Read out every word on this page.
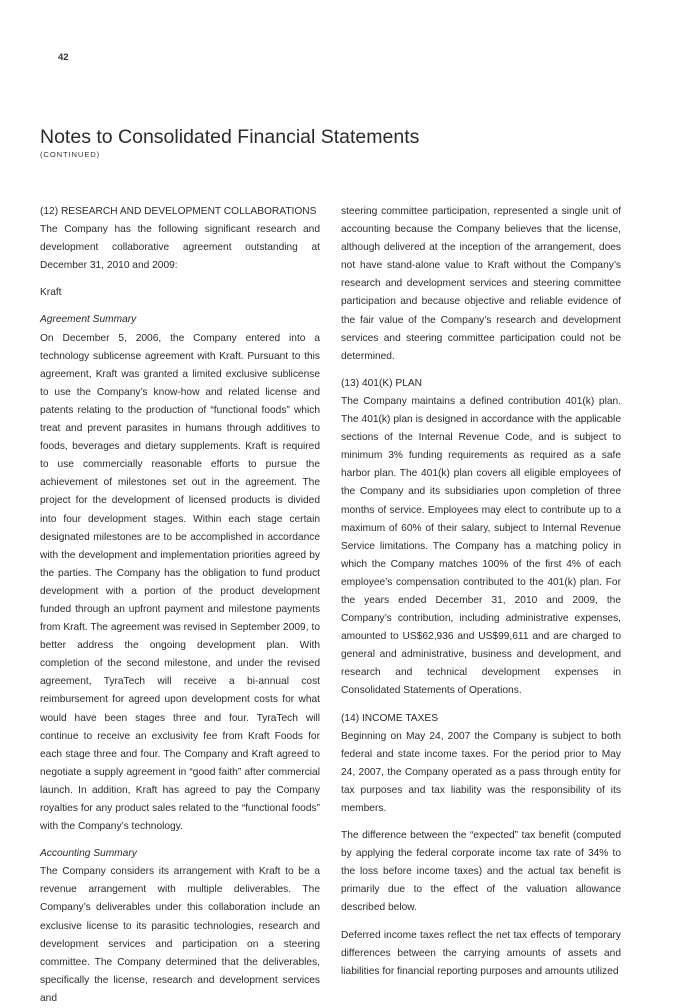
42
Notes to Consolidated Financial Statements
(CONTINUED)

(12) RESEARCH AND DEVELOPMENT COLLABORATIONS

The Company has the following significant research and development collaborative agreement outstanding at December 31, 2010 and 2009:

Kraft

Agreement Summary

On December 5, 2006, the Company entered into a technology sublicense agreement with Kraft. Pursuant to this agreement, Kraft was granted a limited exclusive sublicense to use the Company’s know-how and related license and patents relating to the production of “functional foods” which treat and prevent parasites in humans through additives to foods, beverages and dietary supplements. Kraft is required to use commercially reasonable efforts to pursue the achievement of milestones set out in the agreement. The project for the development of licensed products is divided into four development stages. Within each stage certain designated milestones are to be accomplished in accordance with the development and implementation priorities agreed by the parties. The Company has the obligation to fund product development with a portion of the product development funded through an upfront payment and milestone payments from Kraft. The agreement was revised in September 2009, to better address the ongoing development plan. With completion of the second milestone, and under the revised agreement, TyraTech will receive a bi-annual cost reimbursement for agreed upon development costs for what would have been stages three and four. TyraTech will continue to receive an exclusivity fee from Kraft Foods for each stage three and four. The Company and Kraft agreed to negotiate a supply agreement in “good faith” after commercial launch. In addition, Kraft has agreed to pay the Company royalties for any product sales related to the “functional foods” with the Company’s technology.

Accounting Summary

The Company considers its arrangement with Kraft to be a revenue arrangement with multiple deliverables. The Company’s deliverables under this collaboration include an exclusive license to its parasitic technologies, research and development services and participation on a steering committee. The Company determined that the deliverables, specifically the license, research and development services and

steering committee participation, represented a single unit of accounting because the Company believes that the license, although delivered at the inception of the arrangement, does not have stand-alone value to Kraft without the Company’s research and development services and steering committee participation and because objective and reliable evidence of the fair value of the Company’s research and development services and steering committee participation could not be determined.

(13) 401(K) PLAN

The Company maintains a defined contribution 401(k) plan. The 401(k) plan is designed in accordance with the applicable sections of the Internal Revenue Code, and is subject to minimum 3% funding requirements as required as a safe harbor plan. The 401(k) plan covers all eligible employees of the Company and its subsidiaries upon completion of three months of service. Employees may elect to contribute up to a maximum of 60% of their salary, subject to Internal Revenue Service limitations. The Company has a matching policy in which the Company matches 100% of the first 4% of each employee’s compensation contributed to the 401(k) plan. For the years ended December 31, 2010 and 2009, the Company’s contribution, including administrative expenses, amounted to US$62,936 and US$99,611 and are charged to general and administrative, business and development, and research and technical development expenses in Consolidated Statements of Operations.

(14) INCOME TAXES

Beginning on May 24, 2007 the Company is subject to both federal and state income taxes. For the period prior to May 24, 2007, the Company operated as a pass through entity for tax purposes and tax liability was the responsibility of its members.

The difference between the “expected” tax benefit (computed by applying the federal corporate income tax rate of 34% to the loss before income taxes) and the actual tax benefit is primarily due to the effect of the valuation allowance described below.

Deferred income taxes reflect the net tax effects of temporary differences between the carrying amounts of assets and liabilities for financial reporting purposes and amounts utilized
